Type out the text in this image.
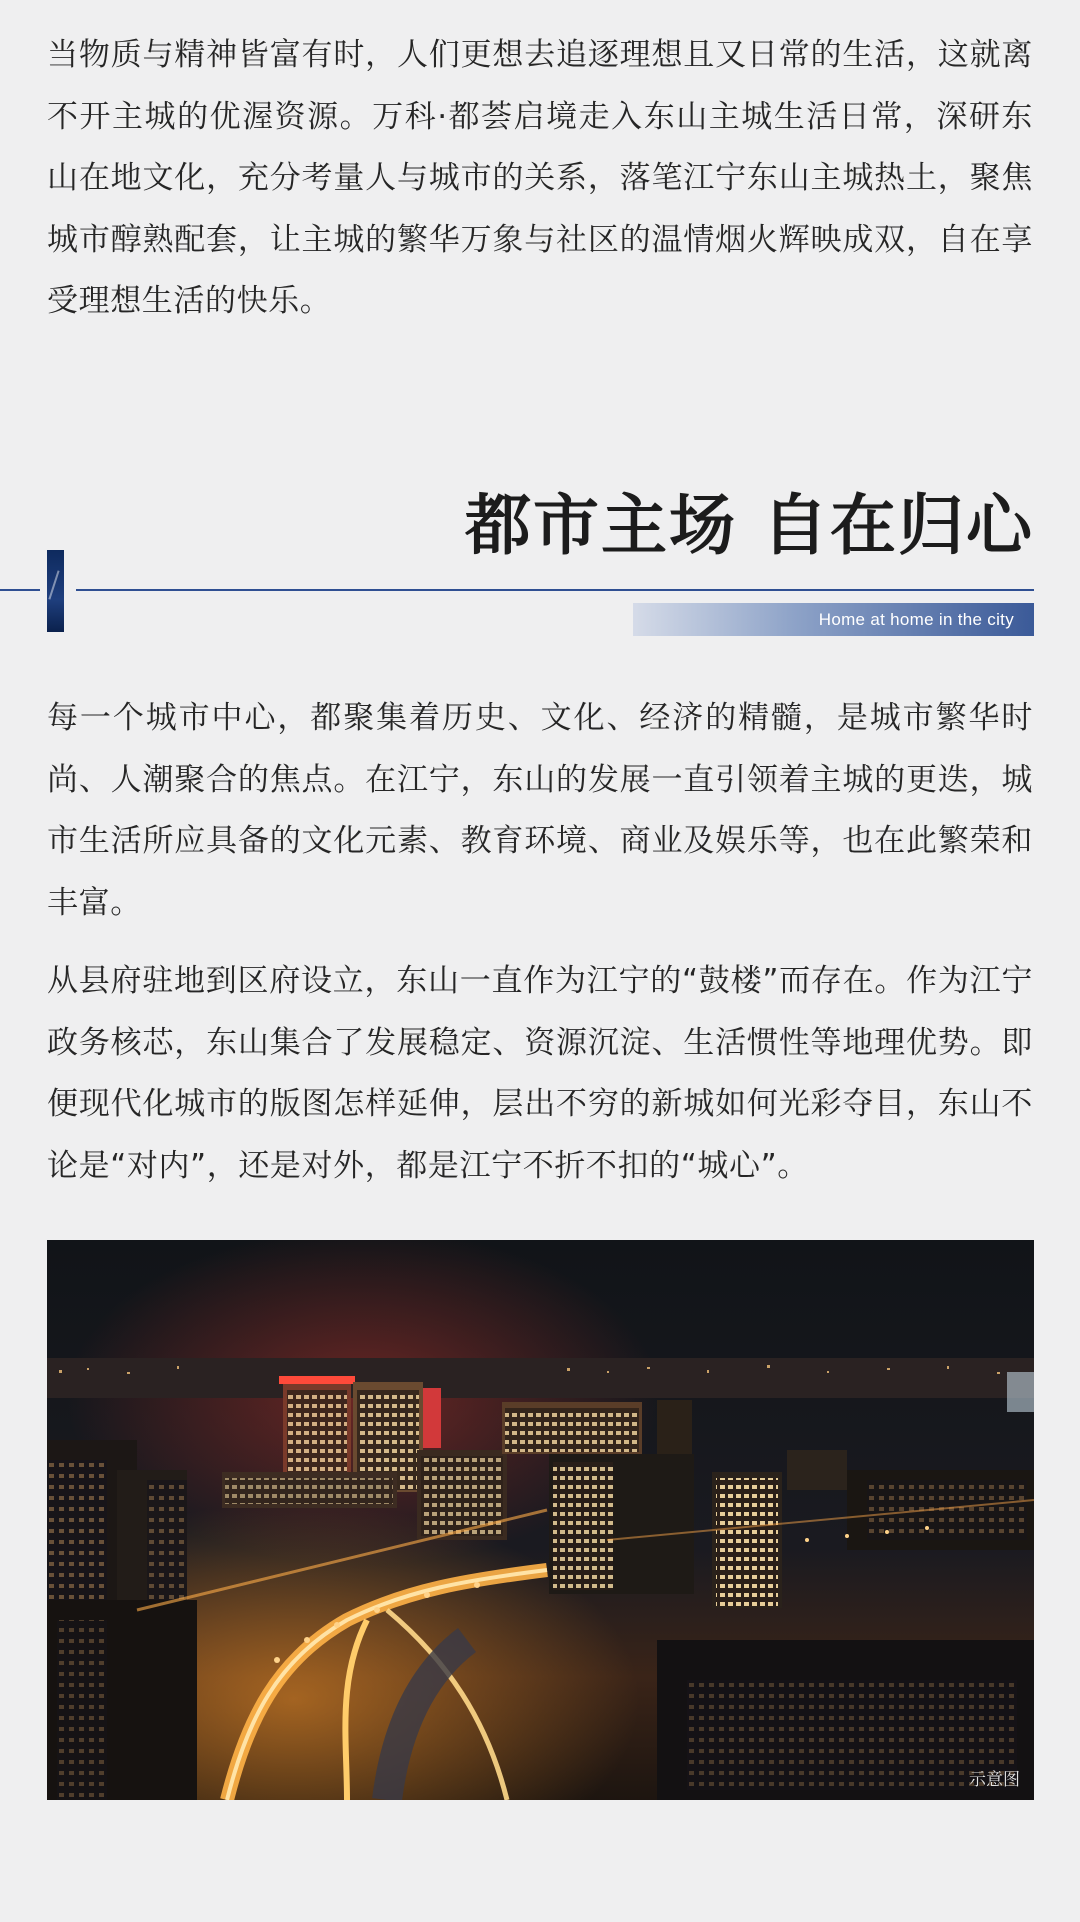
当物质与精神皆富有时，人们更想去追逐理想且又日常的生活，这就离不开主城的优渥资源。万科·都荟启境走入东山主城生活日常，深研东山在地文化，充分考量人与城市的关系，落笔江宁东山主城热土，聚焦城市醇熟配套，让主城的繁华万象与社区的温情烟火辉映成双，自在享受理想生活的快乐。

都市主场 自在归心
Home at home in the city

每一个城市中心，都聚集着历史、文化、经济的精髓，是城市繁华时尚、人潮聚合的焦点。在江宁，东山的发展一直引领着主城的更迭，城市生活所应具备的文化元素、教育环境、商业及娱乐等，也在此繁荣和丰富。

从县府驻地到区府设立，东山一直作为江宁的“鼓楼”而存在。作为江宁政务核芯，东山集合了发展稳定、资源沉淀、生活惯性等地理优势。即便现代化城市的版图怎样延伸，层出不穷的新城如何光彩夺目，东山不论是“对内”，还是对外，都是江宁不折不扣的“城心”。

示意图
